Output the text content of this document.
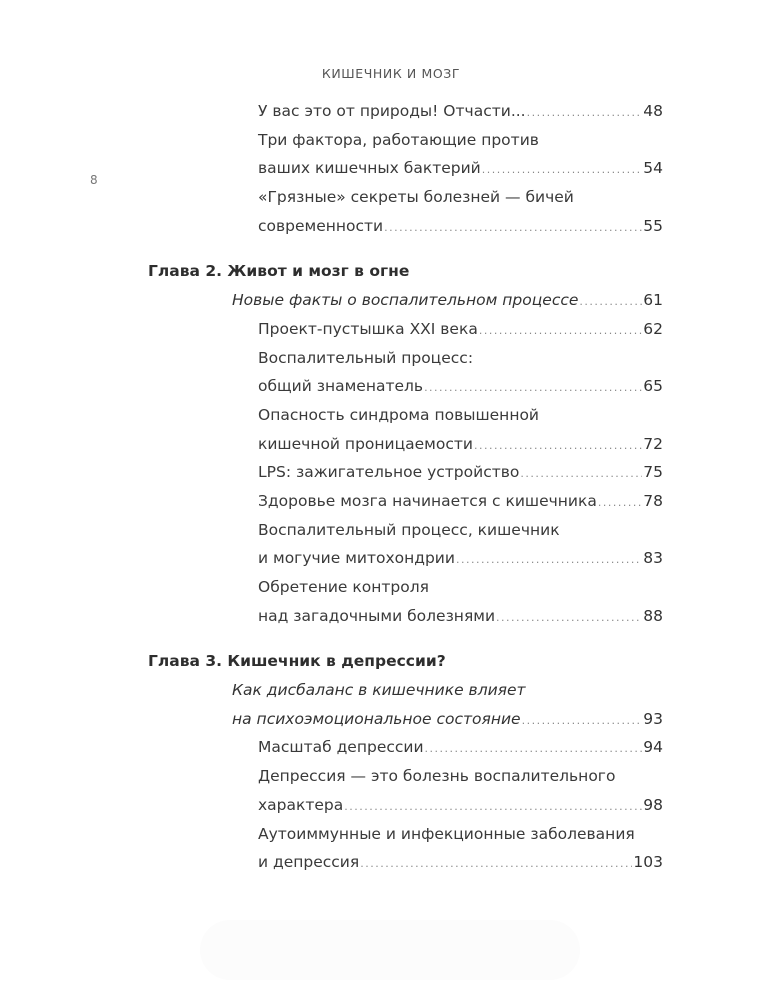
КИШЕЧНИК И МОЗГ
8
У вас это от природы! Отчасти... .....	48
Три фактора, работающие против
ваших кишечных бактерий .....	54
«Грязные» секреты болезней — бичей
современности .....	55
Глава 2. Живот и мозг в огне
Новые факты о воспалительном процессе .....	61
Проект-пустышка XXI века .....	62
Воспалительный процесс:
общий знаменатель .....	65
Опасность синдрома повышенной
кишечной проницаемости .....	72
LPS: зажигательное устройство .....	75
Здоровье мозга начинается с кишечника .....	78
Воспалительный процесс, кишечник
и могучие митохондрии .....	83
Обретение контроля
над загадочными болезнями .....	88
Глава 3. Кишечник в депрессии?
Как дисбаланс в кишечнике влияет
на психоэмоциональное состояние .....	93
Масштаб депрессии .....	94
Депрессия — это болезнь воспалительного
характера .....	98
Аутоиммунные и инфекционные заболевания
и депрессия .....	103
